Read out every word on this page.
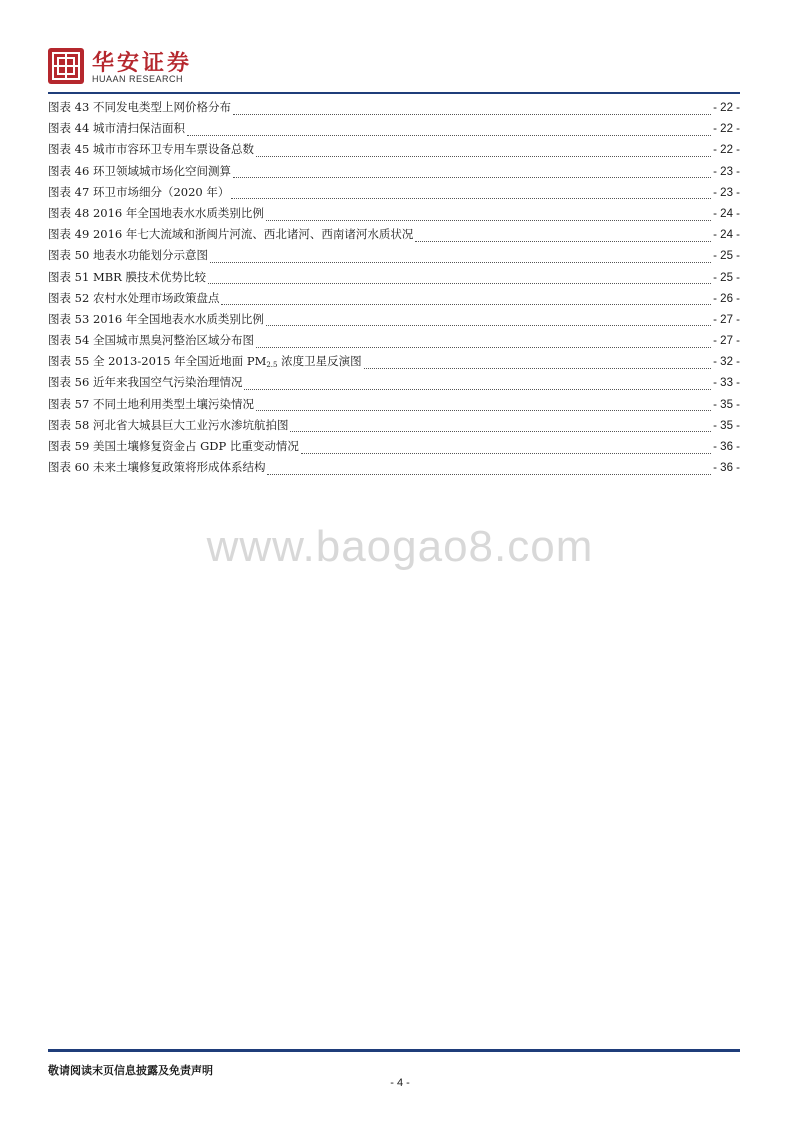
华安证券
HUAAN RESEARCH
图表 43 不同发电类型上网价格分布	- 22 -
图表 44 城市清扫保洁面积	- 22 -
图表 45 城市市容环卫专用车票设备总数	- 22 -
图表 46 环卫领域城市场化空间测算	- 23 -
图表 47 环卫市场细分（2020 年）	- 23 -
图表 48 2016 年全国地表水水质类别比例	- 24 -
图表 49 2016 年七大流域和浙闽片河流、西北诸河、西南诸河水质状况	- 24 -
图表 50 地表水功能划分示意图	- 25 -
图表 51 MBR 膜技术优势比较	- 25 -
图表 52 农村水处理市场政策盘点	- 26 -
图表 53 2016 年全国地表水水质类别比例	- 27 -
图表 54 全国城市黑臭河整治区域分布图	- 27 -
图表 55 全 2013-2015 年全国近地面 $PM_{2.5}$ 浓度卫星反演图	- 32 -
图表 56 近年来我国空气污染治理情况	- 33 -
图表 57 不同土地利用类型土壤污染情况	- 35 -
图表 58 河北省大城县巨大工业污水渗坑航拍图	- 35 -
图表 59 美国土壤修复资金占 GDP 比重变动情况	- 36 -
图表 60 未来土壤修复政策将形成体系结构	- 36 -
www.baogao8.com
敬请阅读末页信息披露及免责声明
- 4 -
